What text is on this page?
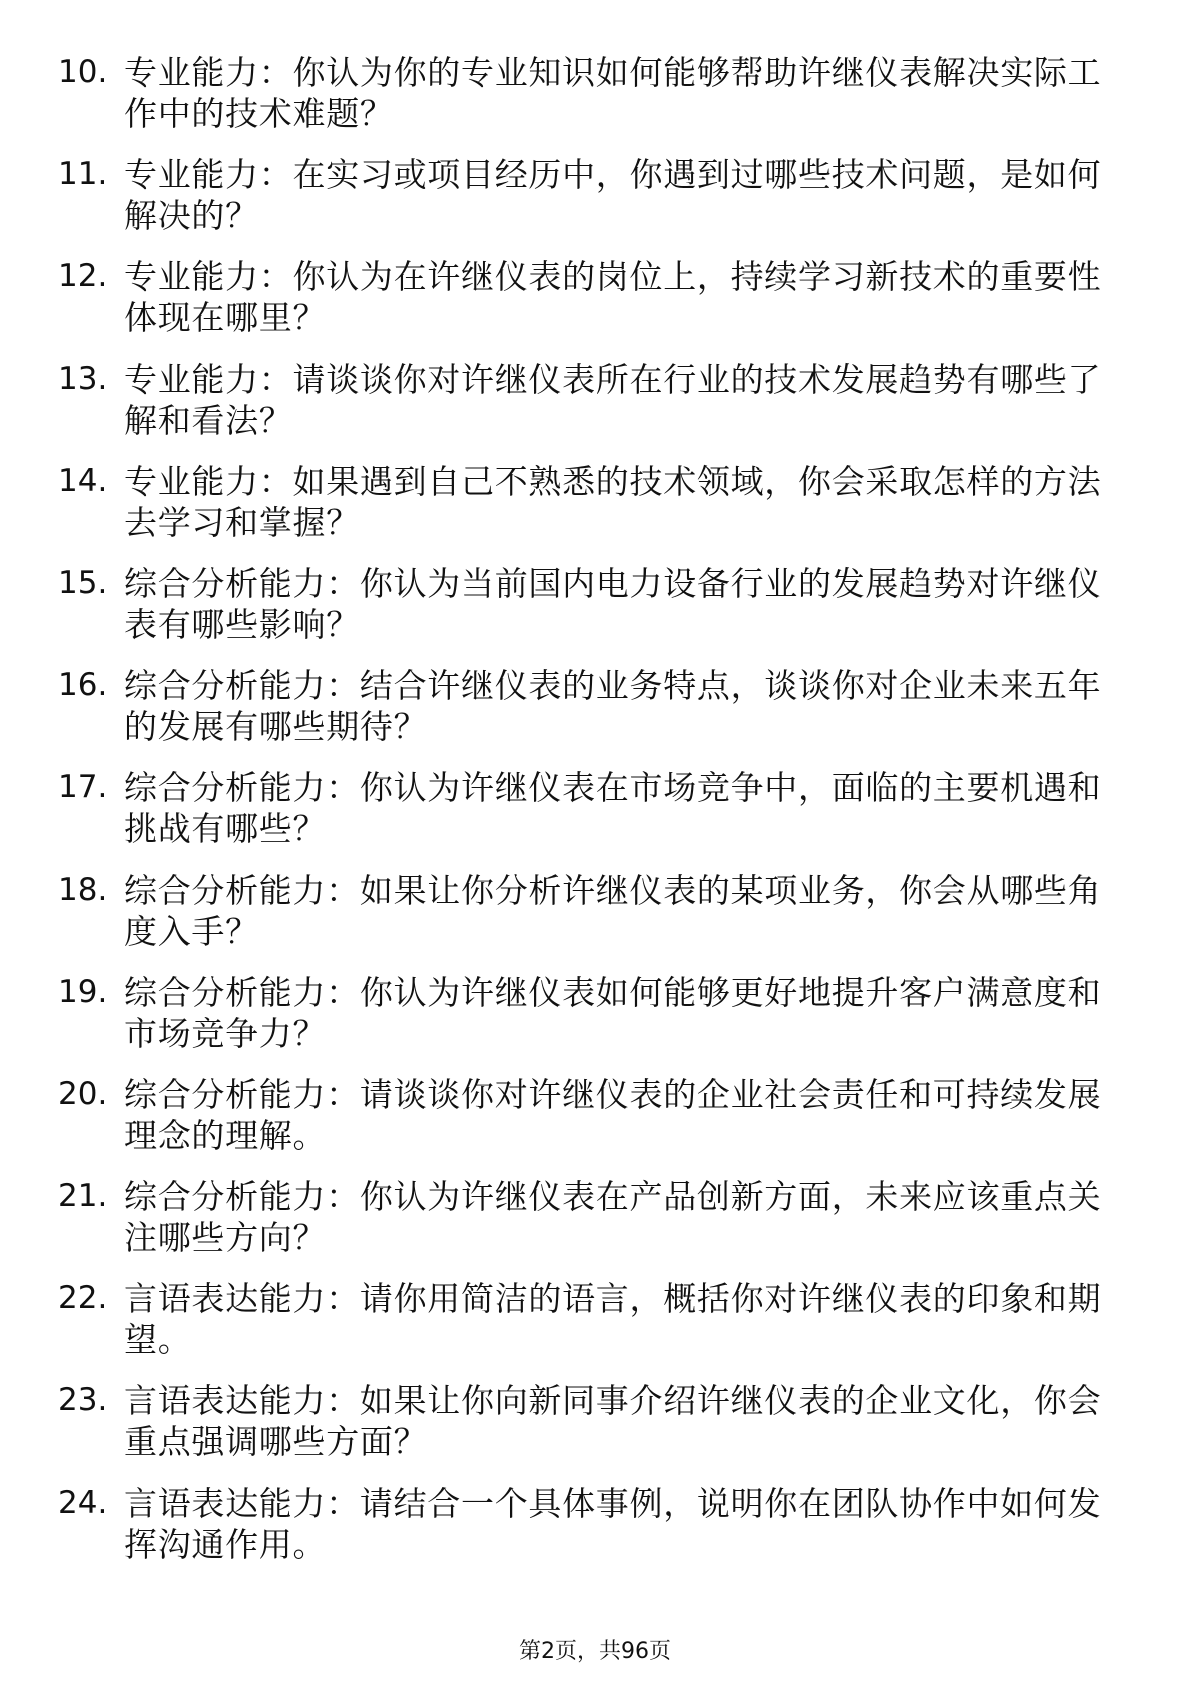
10. 专业能力：你认为你的专业知识如何能够帮助许继仪表解决实际工作中的技术难题？
11. 专业能力：在实习或项目经历中，你遇到过哪些技术问题，是如何解决的？
12. 专业能力：你认为在许继仪表的岗位上，持续学习新技术的重要性体现在哪里？
13. 专业能力：请谈谈你对许继仪表所在行业的技术发展趋势有哪些了解和看法？
14. 专业能力：如果遇到自己不熟悉的技术领域，你会采取怎样的方法去学习和掌握？
15. 综合分析能力：你认为当前国内电力设备行业的发展趋势对许继仪表有哪些影响？
16. 综合分析能力：结合许继仪表的业务特点，谈谈你对企业未来五年的发展有哪些期待？
17. 综合分析能力：你认为许继仪表在市场竞争中，面临的主要机遇和挑战有哪些？
18. 综合分析能力：如果让你分析许继仪表的某项业务，你会从哪些角度入手？
19. 综合分析能力：你认为许继仪表如何能够更好地提升客户满意度和市场竞争力？
20. 综合分析能力：请谈谈你对许继仪表的企业社会责任和可持续发展理念的理解。
21. 综合分析能力：你认为许继仪表在产品创新方面，未来应该重点关注哪些方向？
22. 言语表达能力：请你用简洁的语言，概括你对许继仪表的印象和期望。
23. 言语表达能力：如果让你向新同事介绍许继仪表的企业文化，你会重点强调哪些方面？
24. 言语表达能力：请结合一个具体事例，说明你在团队协作中如何发挥沟通作用。
第2页，共96页
